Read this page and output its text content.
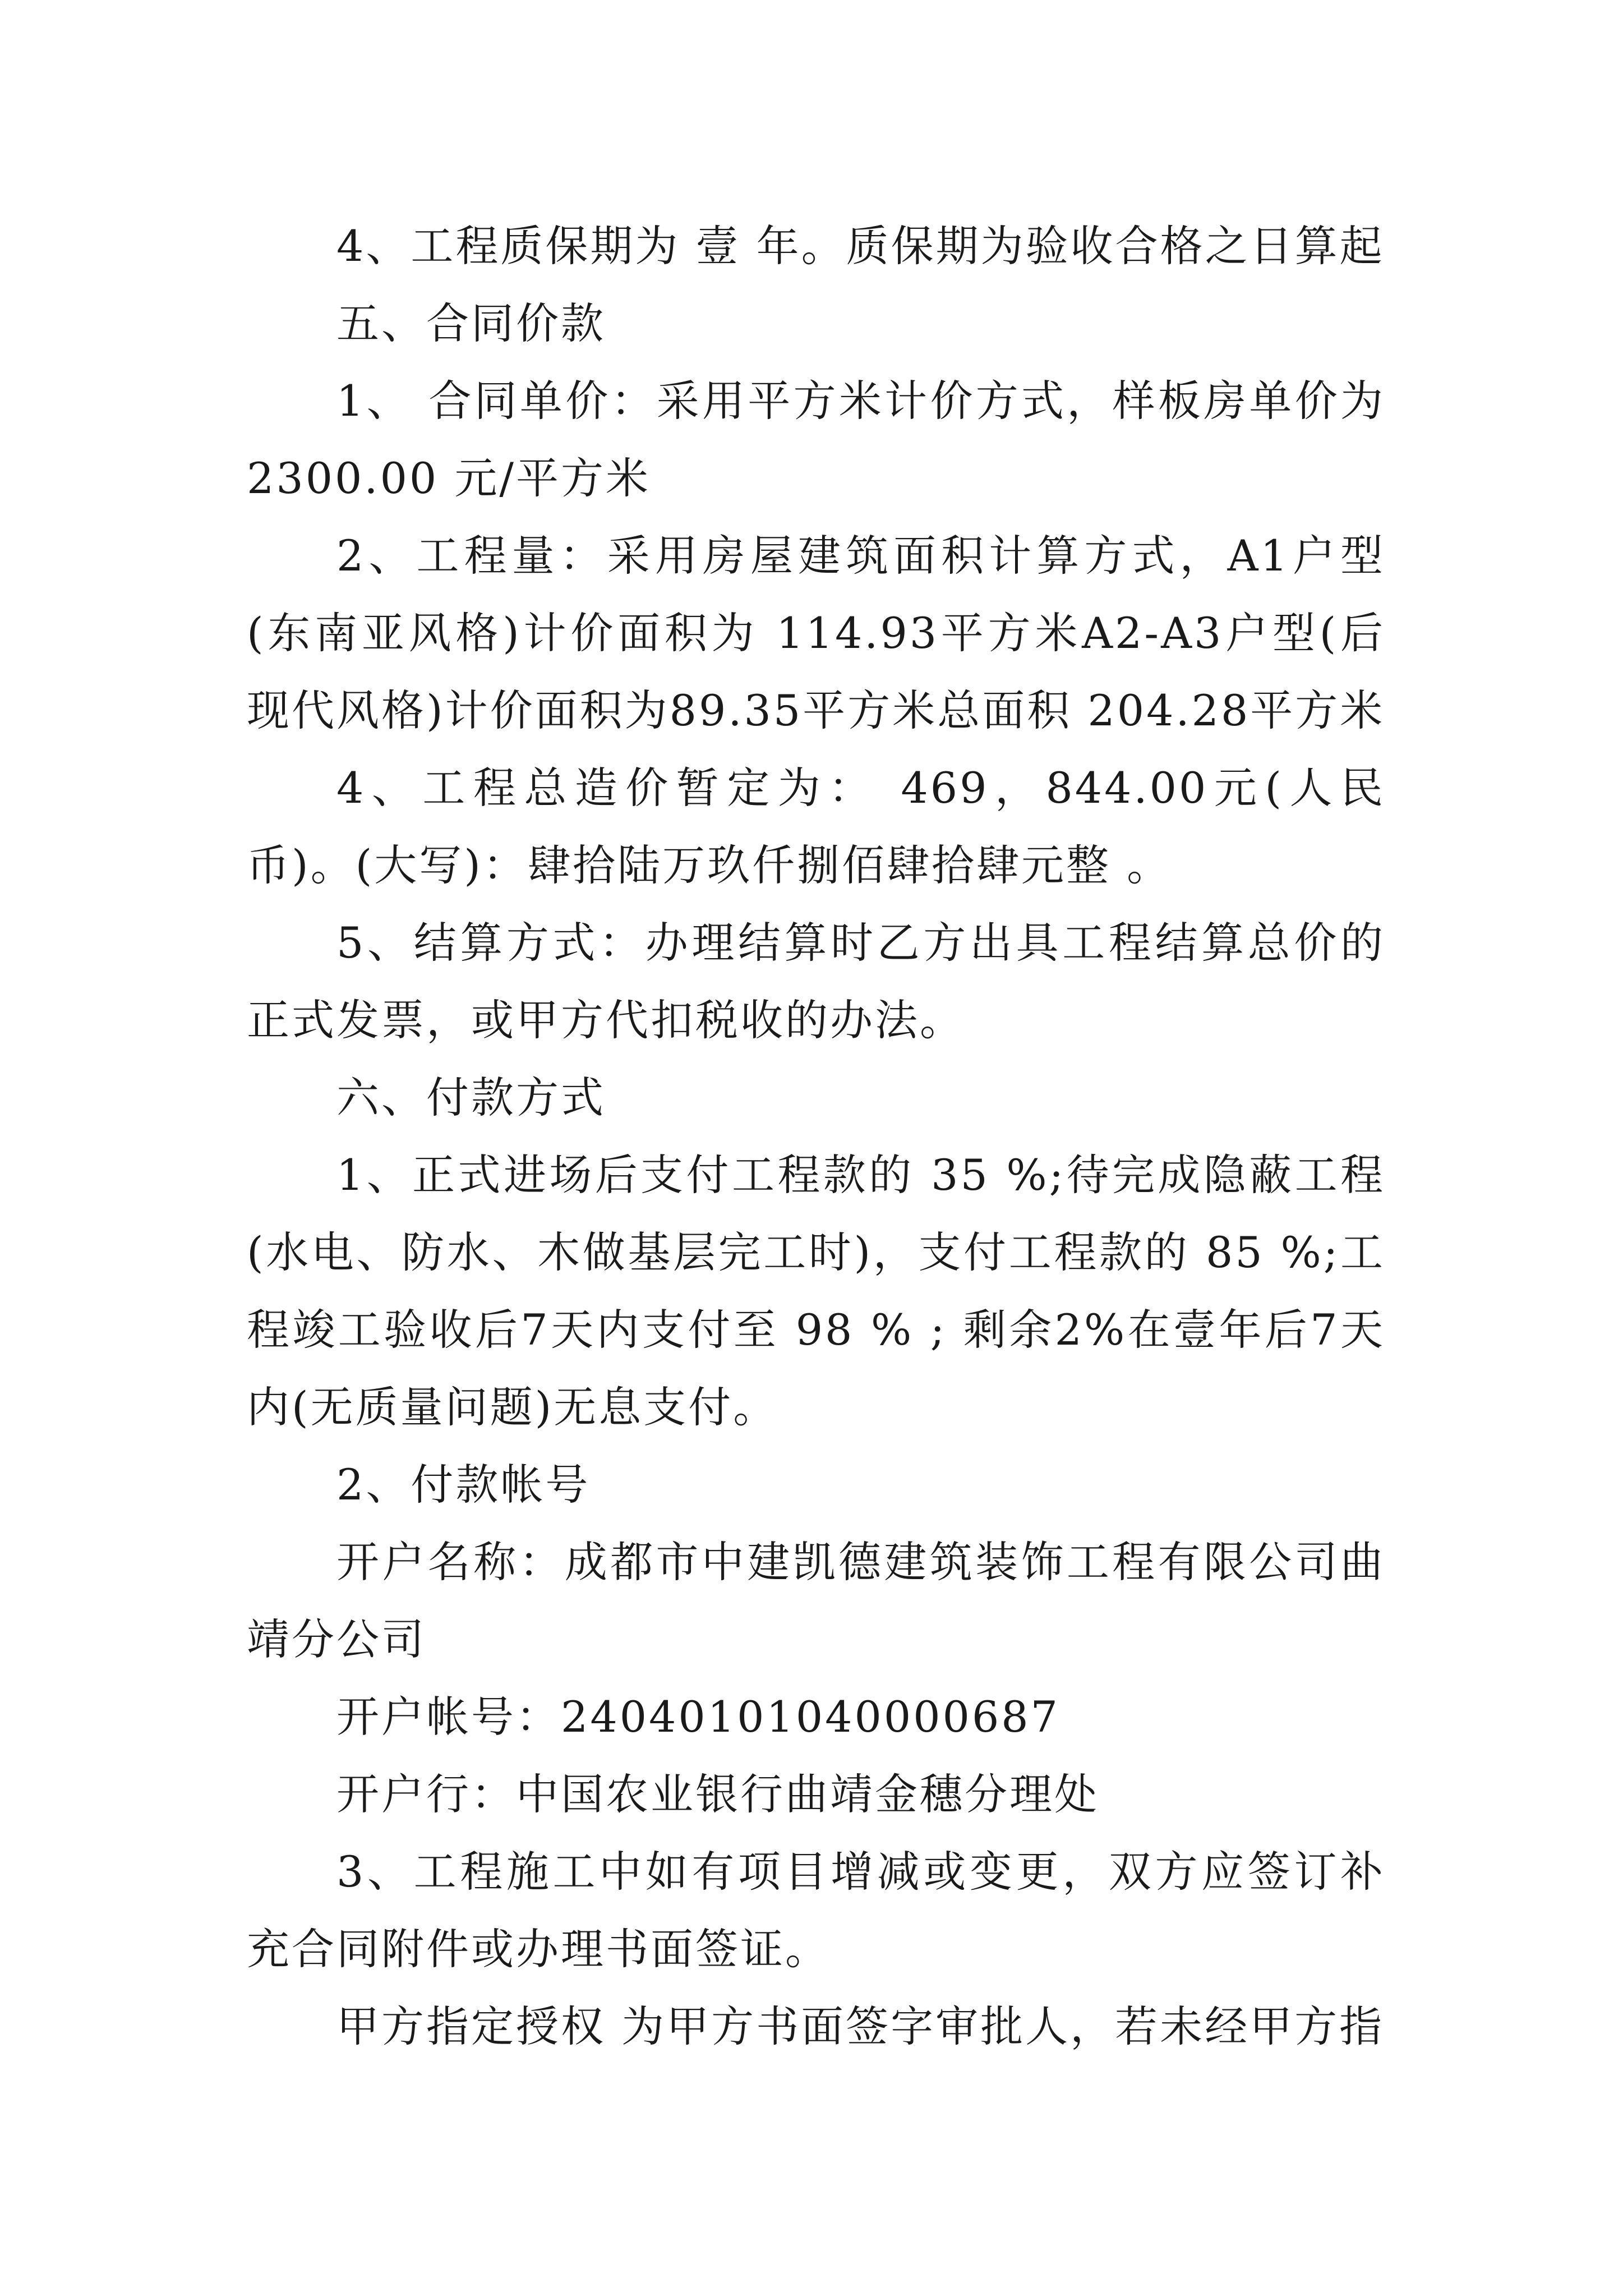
4、工程质保期为 壹 年。质保期为验收合格之日算起

五、合同价款

1、 合同单价：采用平方米计价方式，样板房单价为 2300.00 元/平方米

2、工程量：采用房屋建筑面积计算方式，A1户型(东南亚风格)计价面积为 114.93平方米A2-A3户型(后现代风格)计价面积为89.35平方米总面积 204.28平方米

4、工程总造价暂定为： 469，844.00元(人民币)。(大写)：肆拾陆万玖仟捌佰肆拾肆元整 。

5、结算方式：办理结算时乙方出具工程结算总价的正式发票，或甲方代扣税收的办法。

六、付款方式

1、正式进场后支付工程款的 35 %;待完成隐蔽工程(水电、防水、木做基层完工时)，支付工程款的 85 %;工程竣工验收后7天内支付至 98 % ; 剩余2%在壹年后7天内(无质量问题)无息支付。

2、付款帐号

开户名称：成都市中建凯德建筑装饰工程有限公司曲靖分公司

开户帐号：24040101040000687

开户行：中国农业银行曲靖金穗分理处

3、工程施工中如有项目增减或变更，双方应签订补充合同附件或办理书面签证。

甲方指定授权 为甲方书面签字审批人，若未经甲方指
